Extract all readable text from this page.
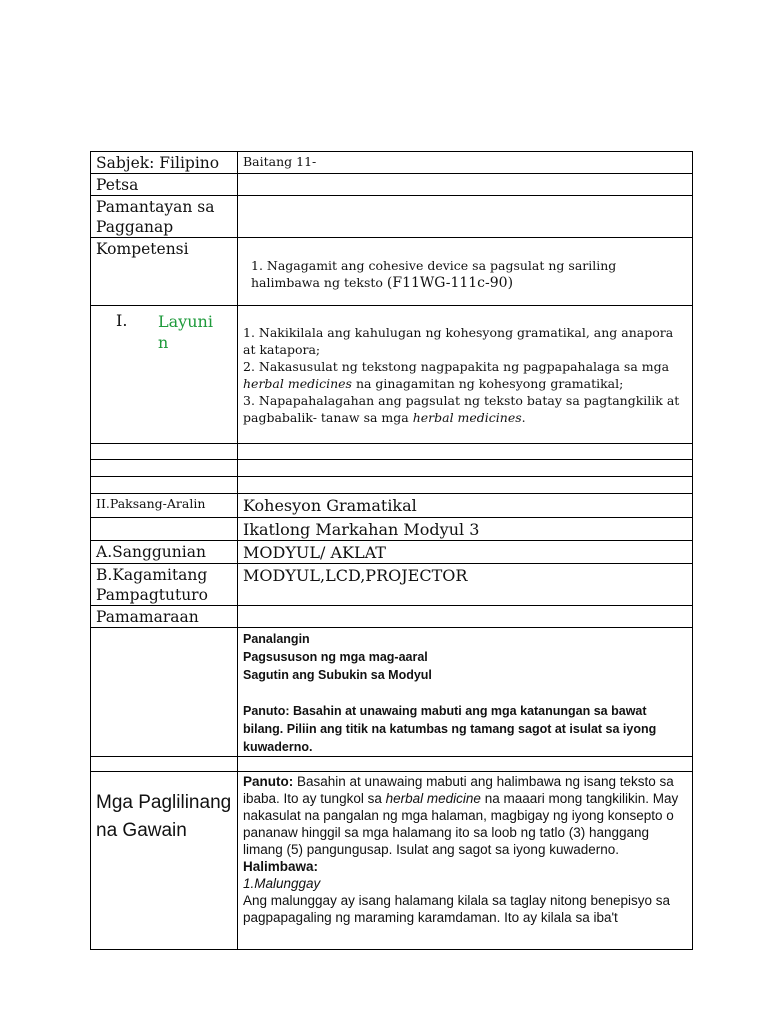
Sabjek: Filipino	Baitang 11-
Petsa	
Pamantayan sa Pagganap	
Kompetensi	1. Nagagamit ang cohesive device sa pagsulat ng sariling halimbawa ng teksto (F11WG-111c-90)

I. Layunin	1. Nakikilala ang kahulugan ng kohesyong gramatikal, ang anapora at katapora;
2. Nakasusulat ng tekstong nagpapakita ng pagpapahalaga sa mga herbal medicines na ginagamitan ng kohesyong gramatikal;
3. Napapahalagahan ang pagsulat ng teksto batay sa pagtangkilik at pagbabalik- tanaw sa mga herbal medicines.

II.Paksang-Aralin	Kohesyon Gramatikal
	Ikatlong Markahan Modyul 3
A.Sanggunian	MODYUL/ AKLAT
B.Kagamitang Pampagtuturo	MODYUL,LCD,PROJECTOR
Pamamaraan	

	Panalangin
Pagsususon ng mga mag-aaral
Sagutin ang Subukin sa Modyul
Panuto: Basahin at unawaing mabuti ang mga katanungan sa bawat bilang. Piliin ang titik na katumbas ng tamang sagot at isulat sa iyong kuwaderno.

Mga Paglilinang na Gawain	Panuto: Basahin at unawaing mabuti ang halimbawa ng isang teksto sa ibaba. Ito ay tungkol sa herbal medicine na maaari mong tangkilikin. May nakasulat na pangalan ng mga halaman, magbigay ng iyong konsepto o pananaw hinggil sa mga halamang ito sa loob ng tatlo (3) hanggang limang (5) pangungusap. Isulat ang sagot sa iyong kuwaderno.
Halimbawa:
1.Malunggay
Ang malunggay ay isang halamang kilala sa taglay nitong benepisyo sa pagpapagaling ng maraming karamdaman. Ito ay kilala sa iba't
